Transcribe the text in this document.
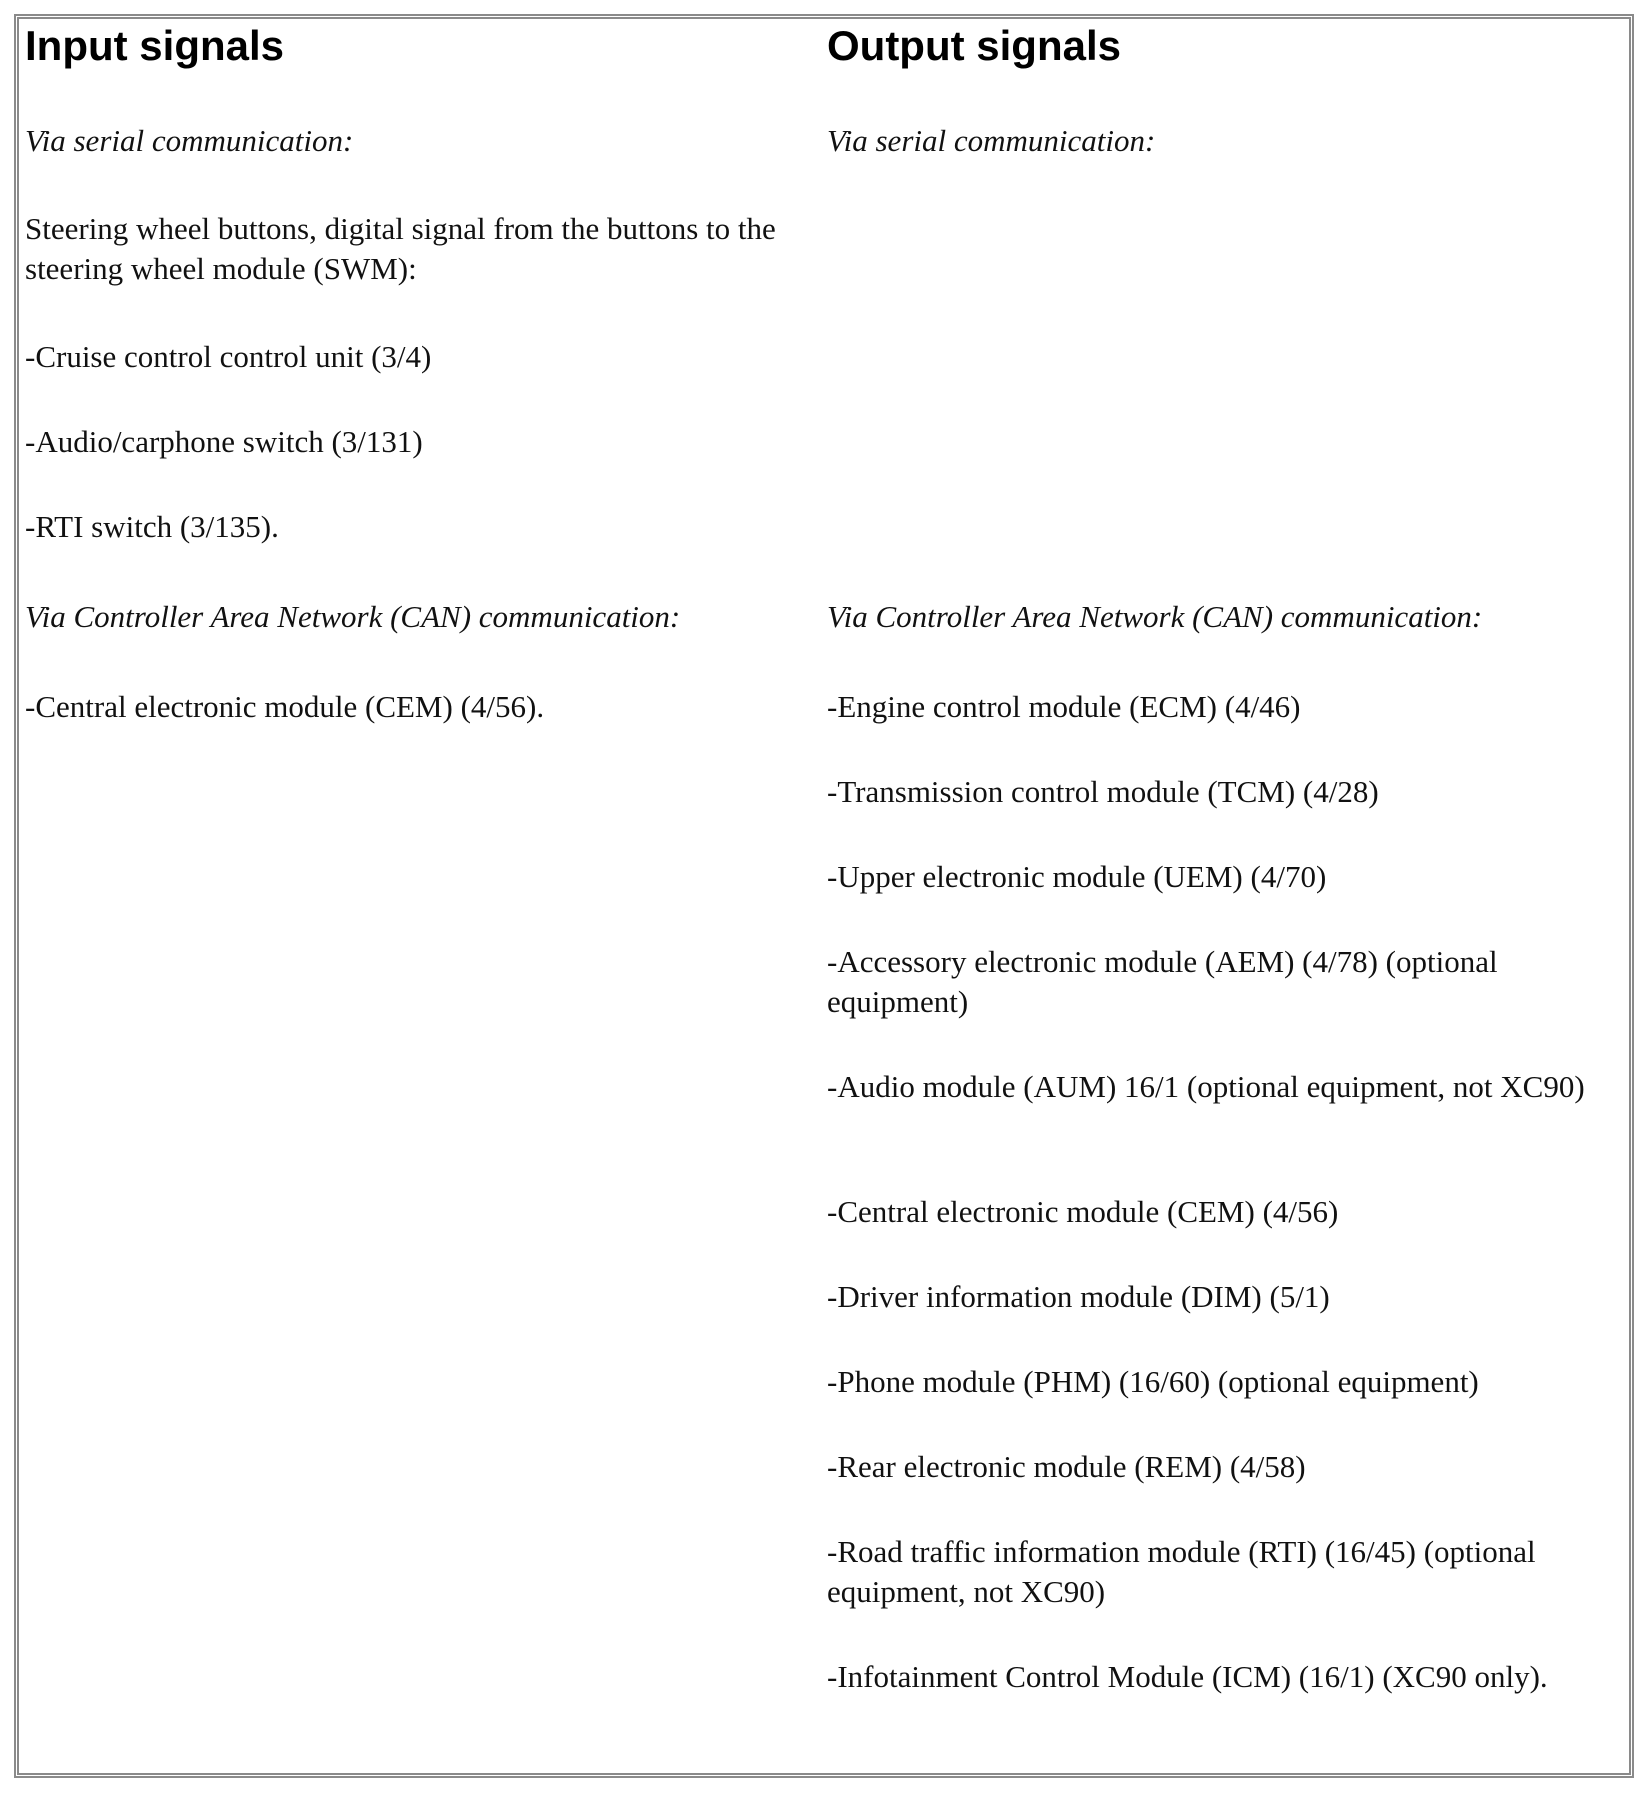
Input signals

Via serial communication:

Steering wheel buttons, digital signal from the buttons to the steering wheel module (SWM):

-Cruise control control unit (3/4)

-Audio/carphone switch (3/131)

-RTI switch (3/135).

Via Controller Area Network (CAN) communication:

-Central electronic module (CEM) (4/56).

Output signals

Via serial communication:

Via Controller Area Network (CAN) communication:

-Engine control module (ECM) (4/46)

-Transmission control module (TCM) (4/28)

-Upper electronic module (UEM) (4/70)

-Accessory electronic module (AEM) (4/78) (optional equipment)

-Audio module (AUM) 16/1 (optional equipment, not XC90)

-Central electronic module (CEM) (4/56)

-Driver information module (DIM) (5/1)

-Phone module (PHM) (16/60) (optional equipment)

-Rear electronic module (REM) (4/58)

-Road traffic information module (RTI) (16/45) (optional equipment, not XC90)

-Infotainment Control Module (ICM) (16/1) (XC90 only).
